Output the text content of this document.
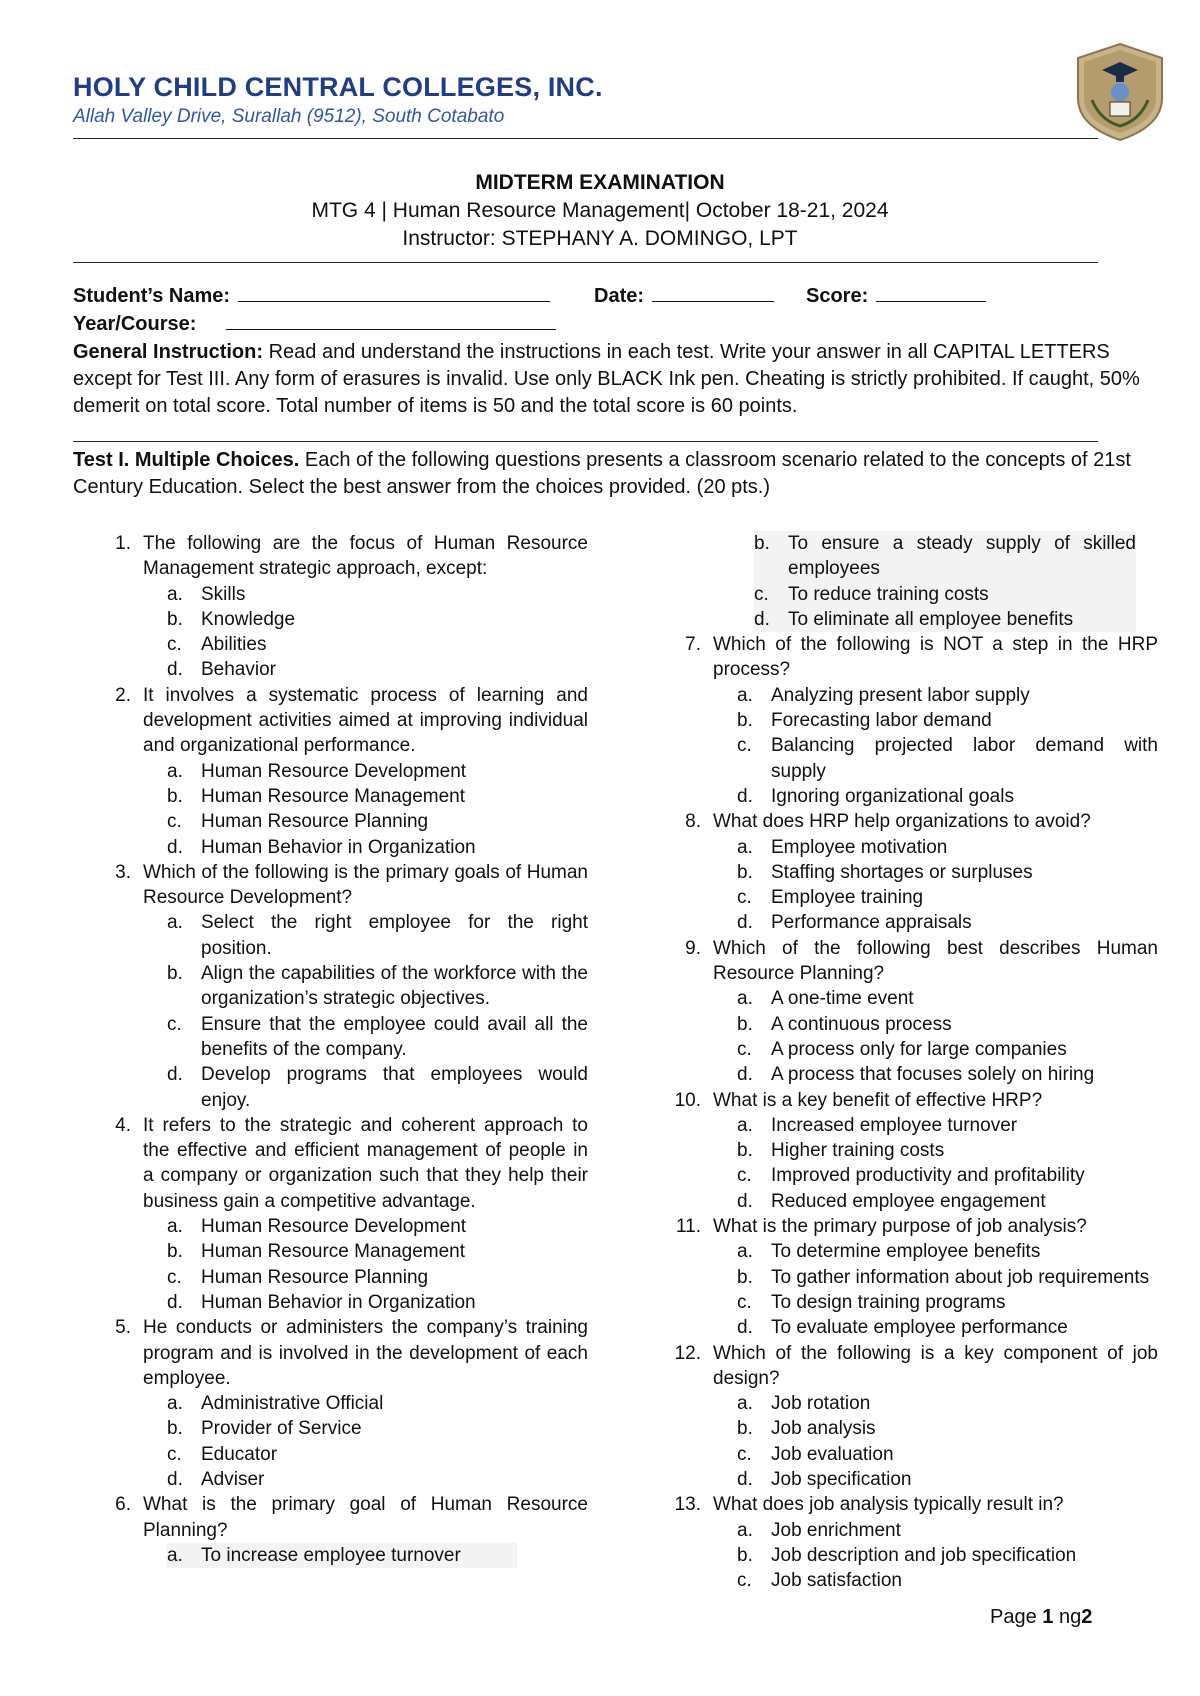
HOLY CHILD CENTRAL COLLEGES, INC.
Allah Valley Drive, Surallah (9512), South Cotabato
MIDTERM EXAMINATION
MTG 4 | Human Resource Management| October 18-21, 2024
Instructor: STEPHANY A. DOMINGO, LPT
Student’s Name:	Date:	Score:
Year/Course:
General Instruction: Read and understand the instructions in each test. Write your answer in all CAPITAL LETTERS except for Test III. Any form of erasures is invalid. Use only BLACK Ink pen. Cheating is strictly prohibited. If caught, 50% demerit on total score. Total number of items is 50 and the total score is 60 points.
Test I. Multiple Choices. Each of the following questions presents a classroom scenario related to the concepts of 21st Century Education. Select the best answer from the choices provided. (20 pts.)
1. The following are the focus of Human Resource Management strategic approach, except:
a. Skills
b. Knowledge
c.	Abilities
d. Behavior
2. It involves a systematic process of learning and development activities aimed at improving individual and organizational performance.
a. Human Resource Development
b. Human Resource Management
c.	Human Resource Planning
d. Human Behavior in Organization
3. Which of the following is the primary goals of Human Resource Development?
a. Select the right employee for the right position.
b. Align the capabilities of the workforce with the organization’s strategic objectives.
c.	Ensure that the employee could avail all the benefits of the company.
d. Develop programs that employees would enjoy.
4. It refers to the strategic and coherent approach to the effective and efficient management of people in a company or organization such that they help their business gain a competitive advantage.
a. Human Resource Development
b. Human Resource Management
c.	Human Resource Planning
d. Human Behavior in Organization
5. He conducts or administers the company’s training program and is involved in the development of each employee.
a. Administrative Official
b. Provider of Service
c.	Educator
d. Adviser
6. What is the primary goal of Human Resource Planning?
a. To increase employee turnover
b. To ensure a steady supply of skilled employees
c.	To reduce training costs
d. To eliminate all employee benefits
7. Which of the following is NOT a step in the HRP process?
a. Analyzing present labor supply
b. Forecasting labor demand
c.	Balancing projected labor demand with supply
d. Ignoring organizational goals
8. What does HRP help organizations to avoid?
a. Employee motivation
b. Staffing shortages or surpluses
c.	Employee training
d. Performance appraisals
9. Which of the following best describes Human Resource Planning?
a. A one-time event
b. A continuous process
c.	A process only for large companies
d. A process that focuses solely on hiring
10. What is a key benefit of effective HRP?
a. Increased employee turnover
b. Higher training costs
c.	Improved productivity and profitability
d. Reduced employee engagement
11. What is the primary purpose of job analysis?
a. To determine employee benefits
b. To gather information about job requirements
c.	To design training programs
d. To evaluate employee performance
12. Which of the following is a key component of job design?
a. Job rotation
b. Job analysis
c.	Job evaluation
d. Job specification
13. What does job analysis typically result in?
a. Job enrichment
b. Job description and job specification
c.	Job satisfaction
Page 1 ng2
